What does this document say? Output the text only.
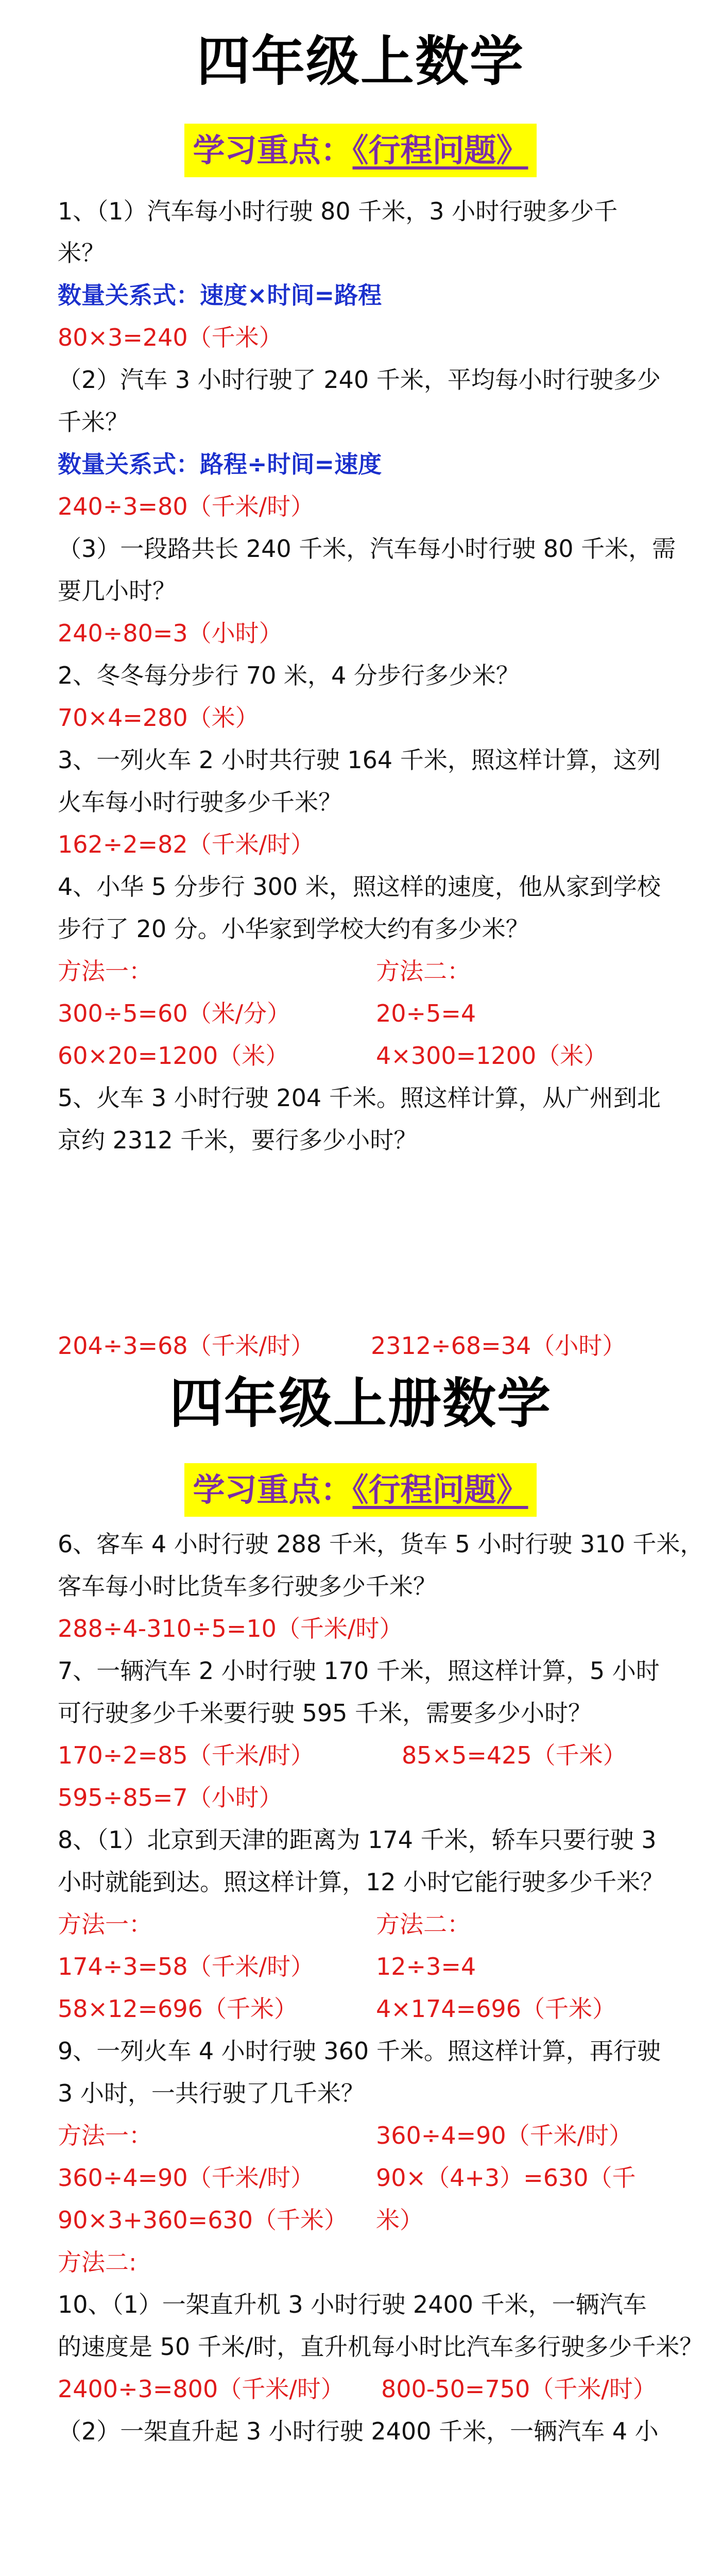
四年级上数学
学习重点：《行程问题》
1、（1）汽车每小时行驶 80 千米，3 小时行驶多少千
米？
数量关系式：速度×时间=路程
80×3=240（千米）
（2）汽车 3 小时行驶了 240 千米，平均每小时行驶多少
千米？
数量关系式：路程÷时间=速度
240÷3=80（千米/时）
（3）一段路共长 240 千米，汽车每小时行驶 80 千米，需
要几小时？
240÷80=3（小时）
2、冬冬每分步行 70 米，4 分步行多少米？
70×4=280（米）
3、一列火车 2 小时共行驶 164 千米，照这样计算，这列
火车每小时行驶多少千米？
162÷2=82（千米/时）
4、小华 5 分步行 300 米，照这样的速度，他从家到学校
步行了 20 分。小华家到学校大约有多少米？
方法一：	方法二：
300÷5=60（米/分）	20÷5=4
60×20=1200（米）	4×300=1200（米）
5、火车 3 小时行驶 204 千米。照这样计算，从广州到北
京约 2312 千米，要行多少小时？
204÷3=68（千米/时）	2312÷68=34（小时）
四年级上册数学
学习重点：《行程问题》
6、客车 4 小时行驶 288 千米，货车 5 小时行驶 310 千米，
客车每小时比货车多行驶多少千米？
288÷4-310÷5=10（千米/时）
7、一辆汽车 2 小时行驶 170 千米，照这样计算，5 小时
可行驶多少千米要行驶 595 千米，需要多少小时？
170÷2=85（千米/时）	85×5=425（千米）
595÷85=7（小时）
8、（1）北京到天津的距离为 174 千米，轿车只要行驶 3
小时就能到达。照这样计算，12 小时它能行驶多少千米？
方法一：	方法二：
174÷3=58（千米/时）	12÷3=4
58×12=696（千米）	4×174=696（千米）
9、一列火车 4 小时行驶 360 千米。照这样计算，再行驶
3 小时，一共行驶了几千米？
方法一：	360÷4=90（千米/时）
360÷4=90（千米/时）	90×（4+3）=630（千
90×3+360=630（千米）	米）
方法二:
10、（1）一架直升机 3 小时行驶 2400 千米，一辆汽车
的速度是 50 千米/时，直升机每小时比汽车多行驶多少千米？
2400÷3=800（千米/时）	800-50=750（千米/时）
（2）一架直升起 3 小时行驶 2400 千米，一辆汽车 4 小
